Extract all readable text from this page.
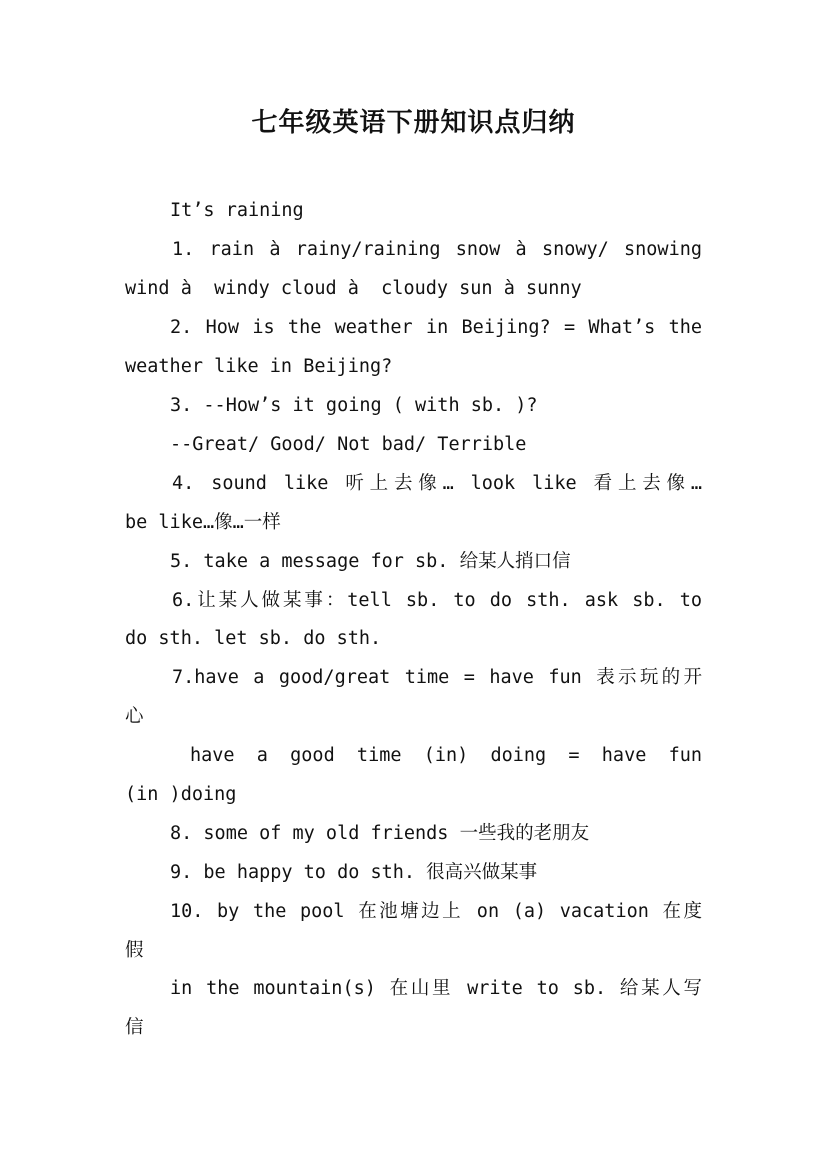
七年级英语下册知识点归纳
It’s raining
1. rain à rainy/raining snow à snowy/ snowing
wind à  windy cloud à  cloudy sun à sunny
2. How is the weather in Beijing? = What’s the
weather like in Beijing?
3. --How’s it going ( with sb. )?
--Great/ Good/ Not bad/ Terrible
4. sound like 听上去像… look like 看上去像…
be like…像…一样
5. take a message for sb. 给某人捎口信
6.让某人做某事：tell sb. to do sth. ask sb. to
do sth. let sb. do sth.
7.have a good/great time = have fun 表示玩的开
心
have a good time (in) doing = have fun
(in )doing
8. some of my old friends 一些我的老朋友
9. be happy to do sth. 很高兴做某事
10. by the pool 在池塘边上 on (a) vacation 在度
假
in the mountain(s) 在山里 write to sb. 给某人写
信
